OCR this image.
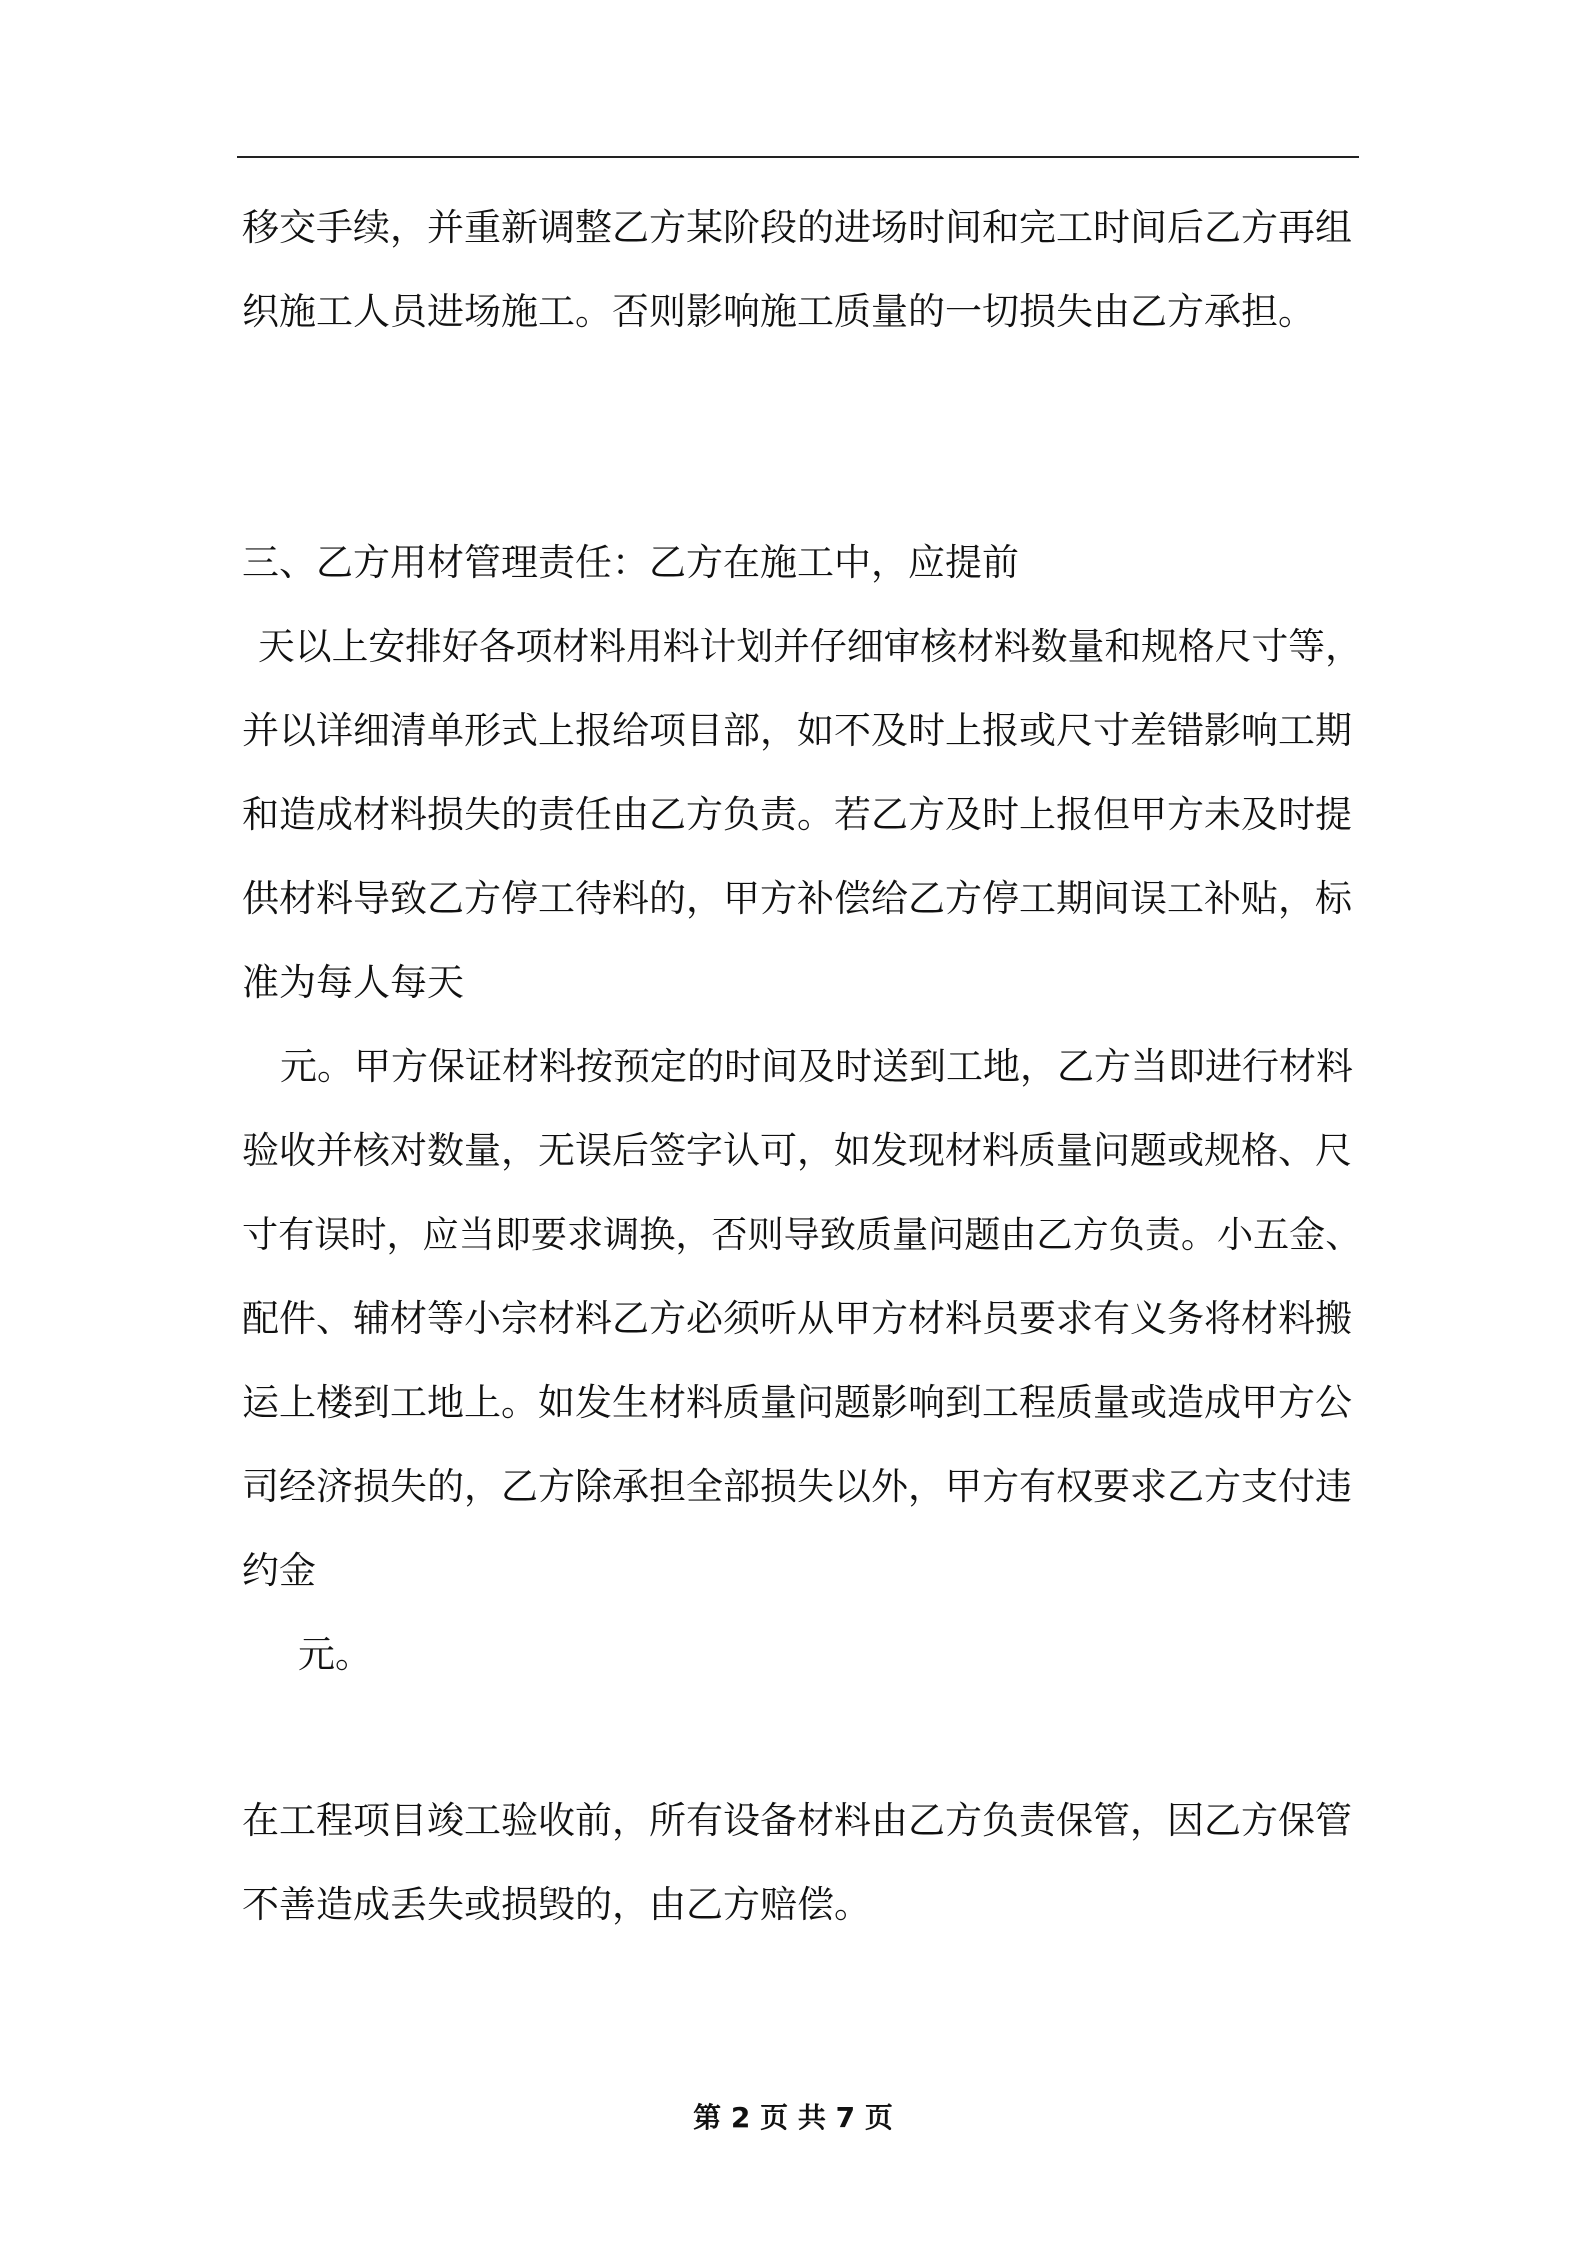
移交手续，并重新调整乙方某阶段的进场时间和完工时间后乙方再组
织施工人员进场施工。否则影响施工质量的一切损失由乙方承担。
三、乙方用材管理责任：乙方在施工中，应提前
天以上安排好各项材料用料计划并仔细审核材料数量和规格尺寸等，
并以详细清单形式上报给项目部，如不及时上报或尺寸差错影响工期
和造成材料损失的责任由乙方负责。若乙方及时上报但甲方未及时提
供材料导致乙方停工待料的，甲方补偿给乙方停工期间误工补贴，标
准为每人每天
元。甲方保证材料按预定的时间及时送到工地，乙方当即进行材料
验收并核对数量，无误后签字认可，如发现材料质量问题或规格、尺
寸有误时，应当即要求调换，否则导致质量问题由乙方负责。小五金、
配件、辅材等小宗材料乙方必须听从甲方材料员要求有义务将材料搬
运上楼到工地上。如发生材料质量问题影响到工程质量或造成甲方公
司经济损失的，乙方除承担全部损失以外，甲方有权要求乙方支付违
约金
元。
在工程项目竣工验收前，所有设备材料由乙方负责保管，因乙方保管
不善造成丢失或损毁的，由乙方赔偿。
第 2 页 共 7 页
